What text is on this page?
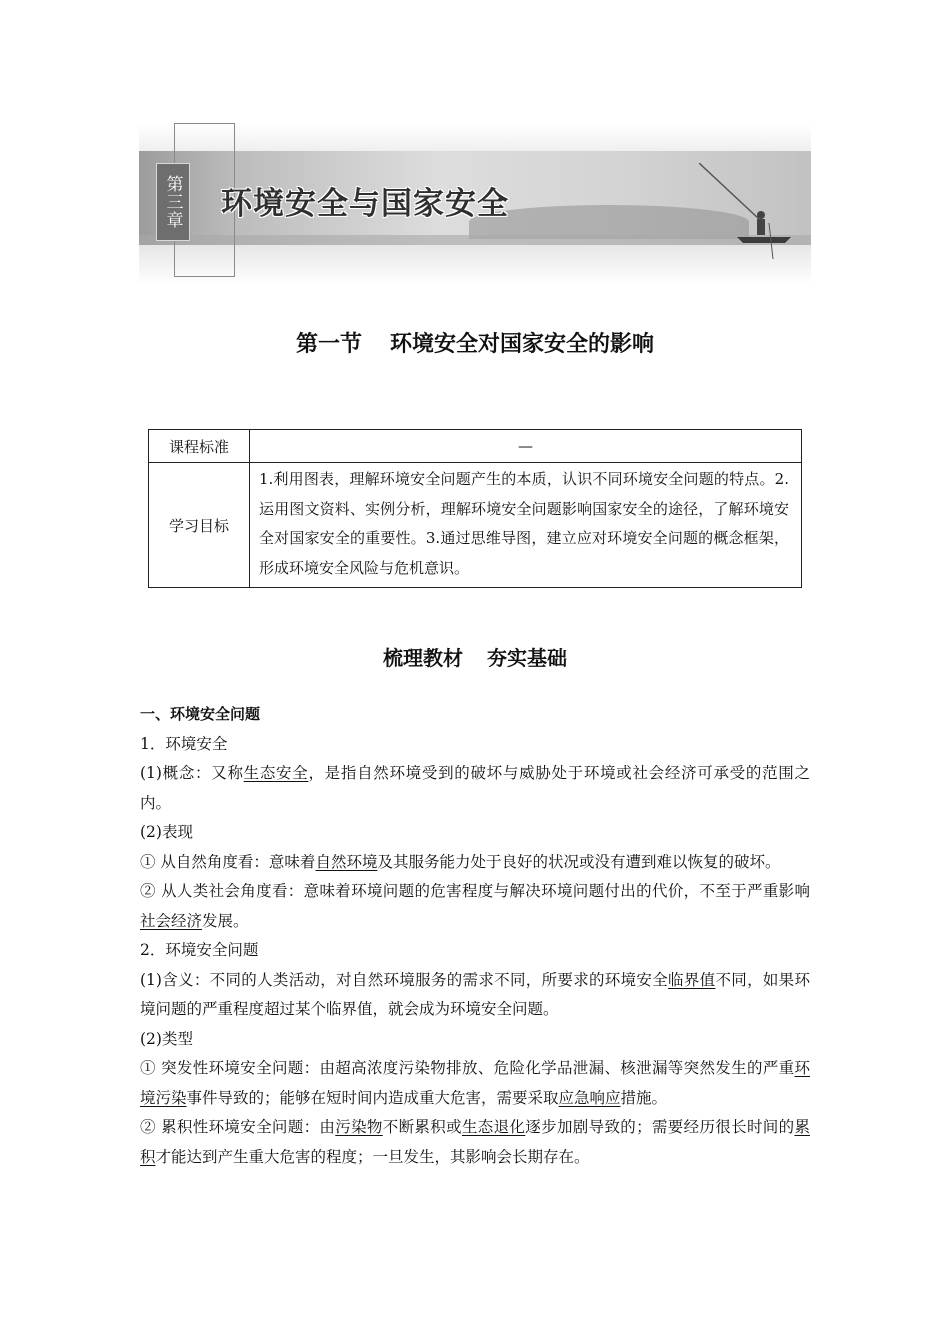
第三章 环境安全与国家安全
第一节 环境安全对国家安全的影响
课程标准	—
学习目标	1.利用图表，理解环境安全问题产生的本质，认识不同环境安全问题的特点。2.运用图文资料、实例分析，理解环境安全问题影响国家安全的途径，了解环境安全对国家安全的重要性。3.通过思维导图，建立应对环境安全问题的概念框架，形成环境安全风险与危机意识。
梳理教材 夯实基础

一、环境安全问题

1．环境安全

(1)概念：又称生态安全，是指自然环境受到的破坏与威胁处于环境或社会经济可承受的范围之内。

(2)表现

① 从自然角度看：意味着自然环境及其服务能力处于良好的状况或没有遭到难以恢复的破坏。

② 从人类社会角度看：意味着环境问题的危害程度与解决环境问题付出的代价，不至于严重影响社会经济发展。

2．环境安全问题

(1)含义：不同的人类活动，对自然环境服务的需求不同，所要求的环境安全临界值不同，如果环境问题的严重程度超过某个临界值，就会成为环境安全问题。

(2)类型

① 突发性环境安全问题：由超高浓度污染物排放、危险化学品泄漏、核泄漏等突然发生的严重环境污染事件导致的；能够在短时间内造成重大危害，需要采取应急响应措施。

② 累积性环境安全问题：由污染物不断累积或生态退化逐步加剧导致的；需要经历很长时间的累积才能达到产生重大危害的程度；一旦发生，其影响会长期存在。
